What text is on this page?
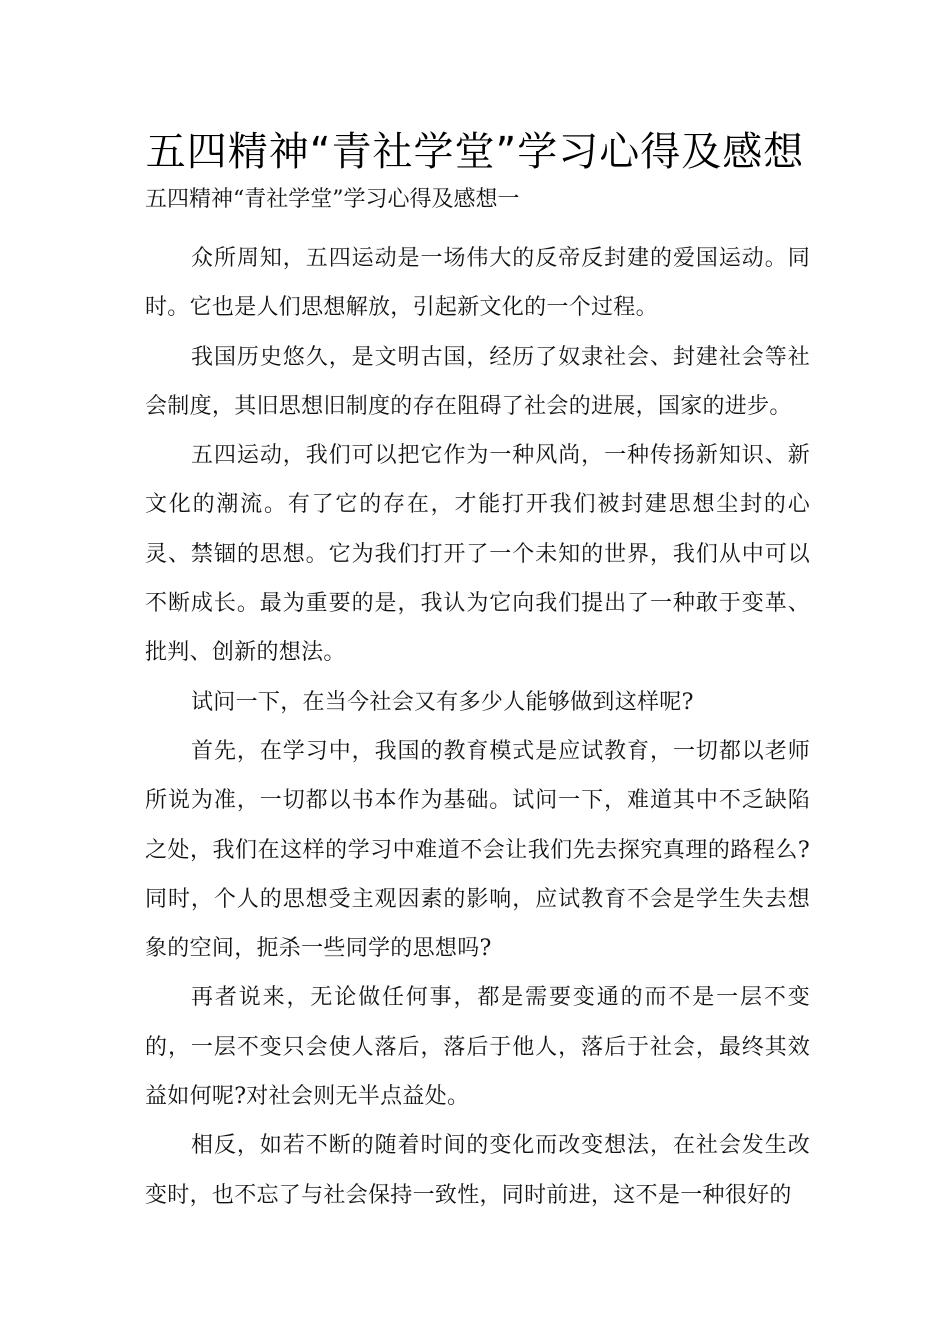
五四精神“青社学堂”学习心得及感想
五四精神“青社学堂”学习心得及感想一

众所周知，五四运动是一场伟大的反帝反封建的爱国运动。同时。它也是人们思想解放，引起新文化的一个过程。

我国历史悠久，是文明古国，经历了奴隶社会、封建社会等社会制度，其旧思想旧制度的存在阻碍了社会的进展，国家的进步。

五四运动，我们可以把它作为一种风尚，一种传扬新知识、新文化的潮流。有了它的存在，才能打开我们被封建思想尘封的心灵、禁锢的思想。它为我们打开了一个未知的世界，我们从中可以不断成长。最为重要的是，我认为它向我们提出了一种敢于变革、批判、创新的想法。

试问一下，在当今社会又有多少人能够做到这样呢?

首先，在学习中，我国的教育模式是应试教育，一切都以老师所说为准，一切都以书本作为基础。试问一下，难道其中不乏缺陷之处，我们在这样的学习中难道不会让我们先去探究真理的路程么?同时，个人的思想受主观因素的影响，应试教育不会是学生失去想象的空间，扼杀一些同学的思想吗?

再者说来，无论做任何事，都是需要变通的而不是一层不变的，一层不变只会使人落后，落后于他人，落后于社会，最终其效益如何呢?对社会则无半点益处。

相反，如若不断的随着时间的变化而改变想法，在社会发生改变时，也不忘了与社会保持一致性，同时前进，这不是一种很好的
